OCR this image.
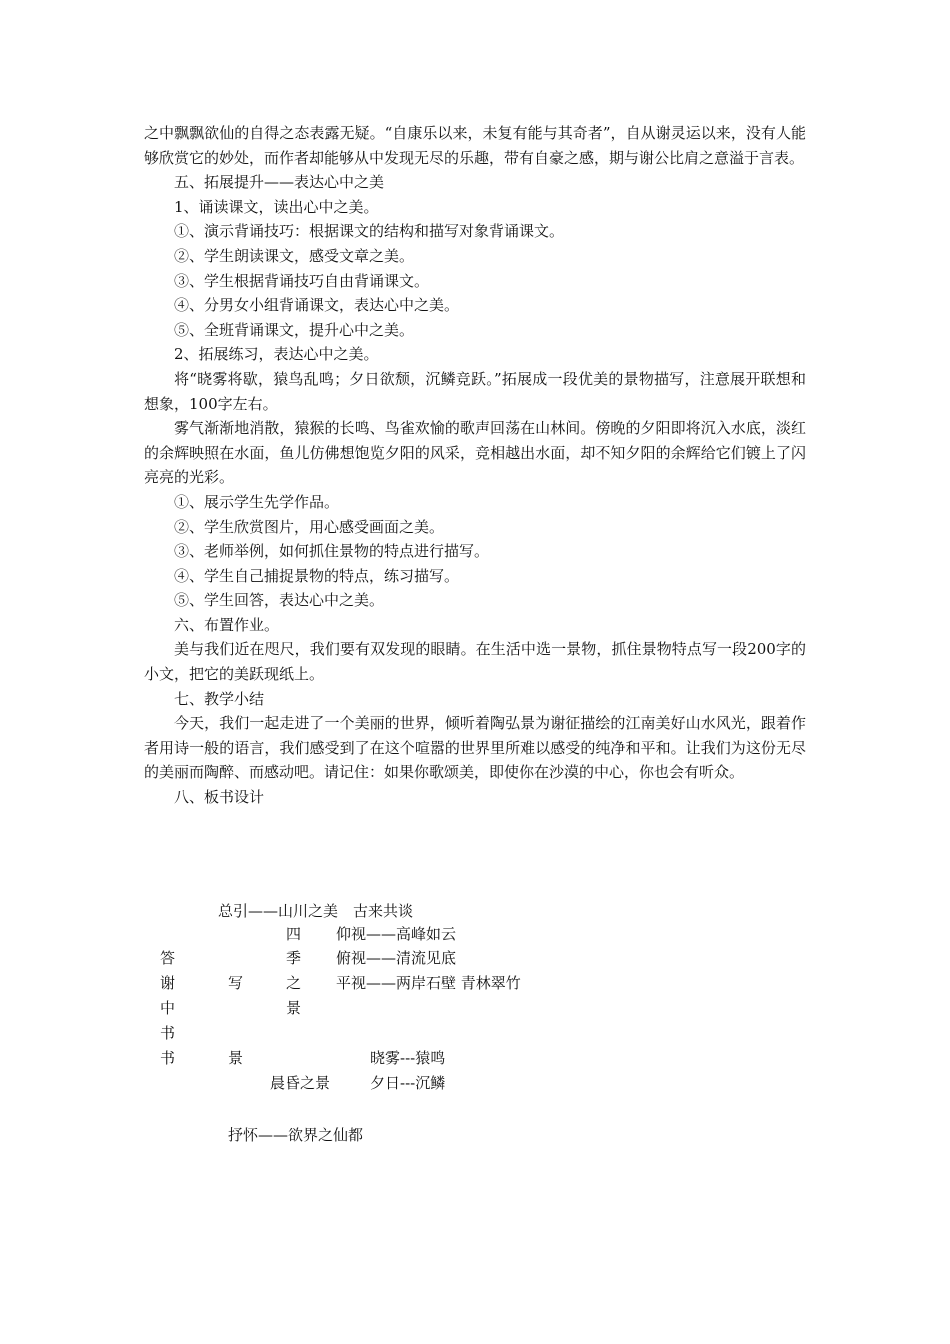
之中飘飘欲仙的自得之态表露无疑。“自康乐以来，未复有能与其奇者”，自从谢灵运以来，没有人能够欣赏它的妙处，而作者却能够从中发现无尽的乐趣，带有自豪之感，期与谢公比肩之意溢于言表。

五、拓展提升——表达心中之美

1、诵读课文，读出心中之美。

①、演示背诵技巧：根据课文的结构和描写对象背诵课文。

②、学生朗读课文，感受文章之美。

③、学生根据背诵技巧自由背诵课文。

④、分男女小组背诵课文，表达心中之美。

⑤、全班背诵课文，提升心中之美。

2、拓展练习，表达心中之美。

将“晓雾将歇，猿鸟乱鸣；夕日欲颓，沉鳞竞跃。”拓展成一段优美的景物描写，注意展开联想和想象，100字左右。

雾气渐渐地消散，猿猴的长鸣、鸟雀欢愉的歌声回荡在山林间。傍晚的夕阳即将沉入水底，淡红的余辉映照在水面，鱼儿仿佛想饱览夕阳的风采，竞相越出水面，却不知夕阳的余辉给它们镀上了闪亮亮的光彩。

①、展示学生先学作品。

②、学生欣赏图片，用心感受画面之美。

③、老师举例，如何抓住景物的特点进行描写。

④、学生自己捕捉景物的特点，练习描写。

⑤、学生回答，表达心中之美。

六、布置作业。

美与我们近在咫尺，我们要有双发现的眼睛。在生活中选一景物，抓住景物特点写一段200字的小文，把它的美跃现纸上。

七、教学小结

今天，我们一起走进了一个美丽的世界，倾听着陶弘景为谢征描绘的江南美好山水风光，跟着作者用诗一般的语言，我们感受到了在这个喧嚣的世界里所难以感受的纯净和平和。让我们为这份无尽的美丽而陶醉、而感动吧。请记住：如果你歌颂美，即使你在沙漠的中心，你也会有听众。

八、板书设计

总引——山川之美　古来共谈
答
谢
中
书
书
写
景
四
季
之
景
仰视——高峰如云
俯视——清流见底
平视——两岸石壁 青林翠竹
晓雾---猿鸣
晨昏之景	夕日---沉鳞
抒怀——欲界之仙都
